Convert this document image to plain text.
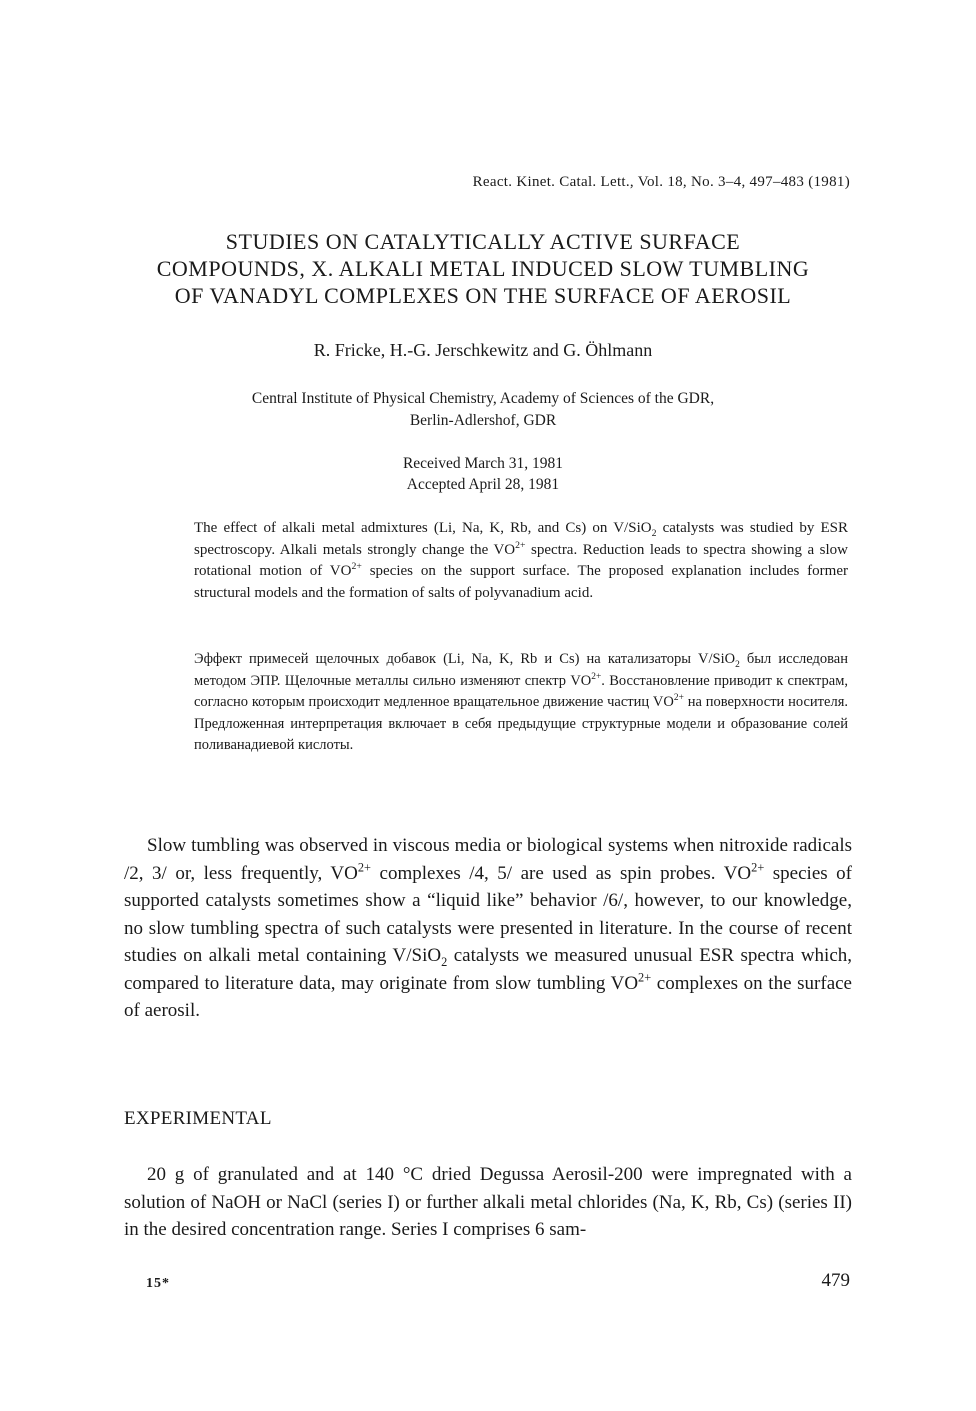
React. Kinet. Catal. Lett., Vol. 18, No. 3–4, 497–483 (1981)
STUDIES ON CATALYTICALLY ACTIVE SURFACE
COMPOUNDS, X. ALKALI METAL INDUCED SLOW TUMBLING
OF VANADYL COMPLEXES ON THE SURFACE OF AEROSIL
R. Fricke, H.-G. Jerschkewitz and G. Öhlmann
Central Institute of Physical Chemistry, Academy of Sciences of the GDR,
Berlin-Adlershof, GDR
Received March 31, 1981
Accepted April 28, 1981
The effect of alkali metal admixtures (Li, Na, K, Rb, and Cs) on V/SiO$_2$ catalysts was studied by ESR spectroscopy. Alkali metals strongly change the $VO^{2+}$ spectra. Reduction leads to spectra showing a slow rotational motion of $VO^{2+}$ species on the support surface. The proposed explanation includes former structural models and the formation of salts of polyvanadium acid.
Эффект примесей щелочных добавок (Li, Na, K, Rb и Cs) на катализаторы V/SiO$_2$ был исследован методом ЭПР. Щелочные металлы сильно изменяют спектр $VO^{2+}$. Восстановление приводит к спектрам, согласно которым происходит медленное вращательное движение частиц $VO^{2+}$ на поверхности носителя. Предложенная интерпретация включает в себя предыдущие структурные модели и образование солей поливанадиевой кислоты.
Slow tumbling was observed in viscous media or biological systems when nitroxide radicals /2, 3/ or, less frequently, $VO^{2+}$ complexes /4, 5/ are used as spin probes. $VO^{2+}$ species of supported catalysts sometimes show a “liquid like” behavior /6/, however, to our knowledge, no slow tumbling spectra of such catalysts were presented in literature. In the course of recent studies on alkali metal containing V/SiO$_2$ catalysts we measured unusual ESR spectra which, compared to literature data, may originate from slow tumbling $VO^{2+}$ complexes on the surface of aerosil.
EXPERIMENTAL
20 g of granulated and at 140 °C dried Degussa Aerosil-200 were impregnated with a solution of NaOH or NaCl (series I) or further alkali metal chlorides (Na, K, Rb, Cs) (series II) in the desired concentration range. Series I comprises 6 sam-
15*	479
